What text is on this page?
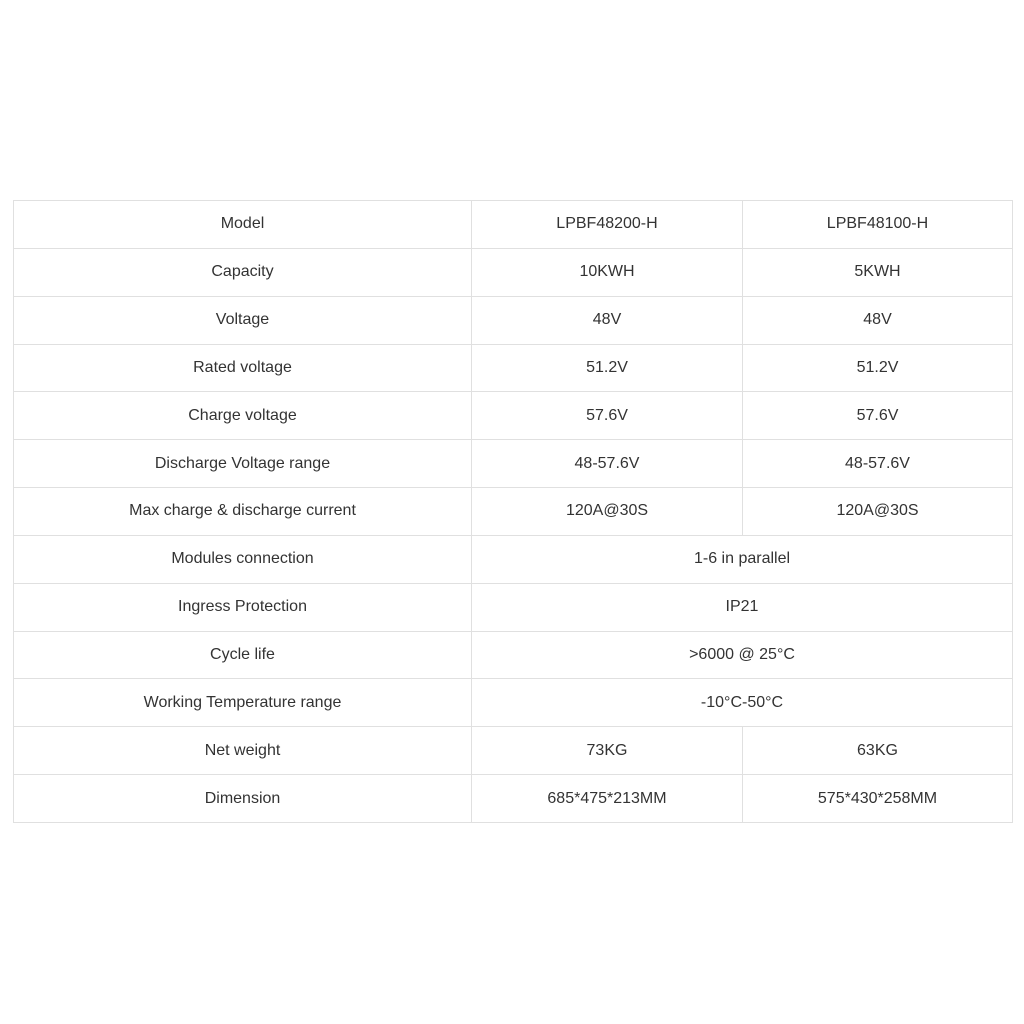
Model	LPBF48200-H	LPBF48100-H
Capacity	10KWH	5KWH
Voltage	48V	48V
Rated voltage	51.2V	51.2V
Charge voltage	57.6V	57.6V
Discharge Voltage range	48-57.6V	48-57.6V
Max charge & discharge current	120A@30S	120A@30S
Modules connection	1-6 in parallel	
Ingress Protection	IP21	
Cycle life	>6000 @ 25°C	
Working Temperature range	-10°C-50°C	
Net weight	73KG	63KG
Dimension	685*475*213MM	575*430*258MM
